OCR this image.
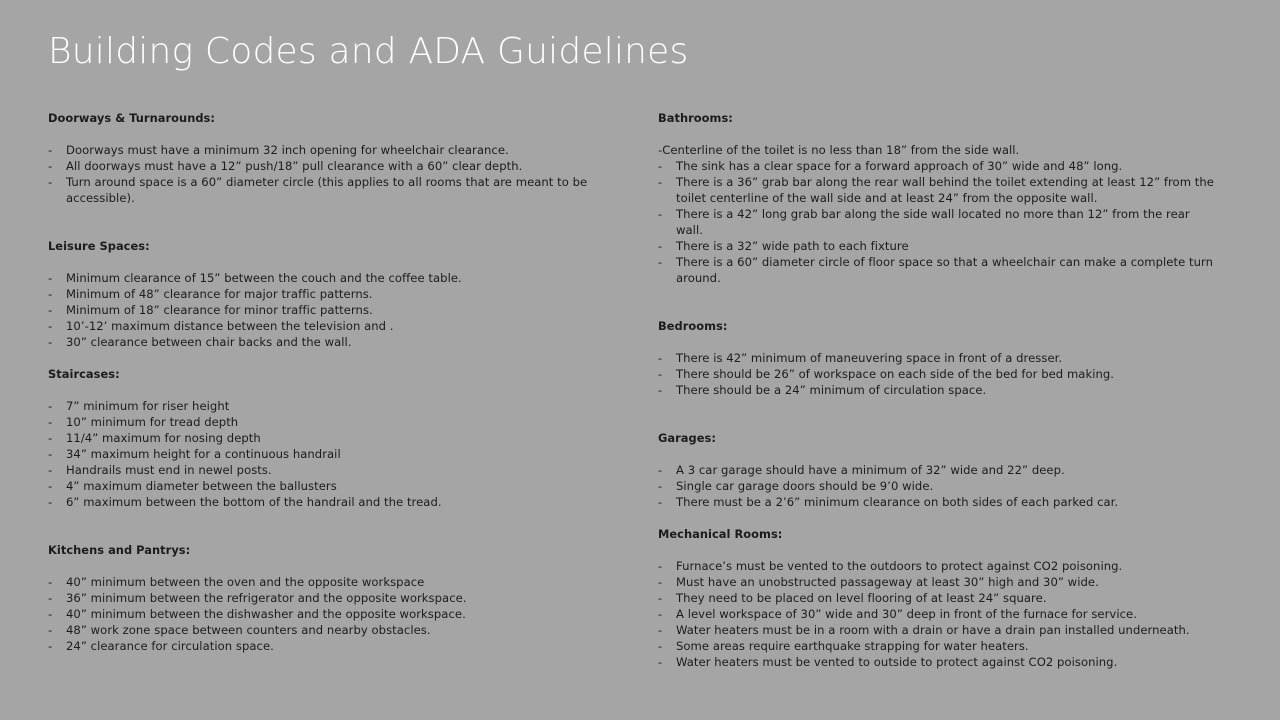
Building Codes and ADA Guidelines
Doorways & Turnarounds:
- Doorways must have a minimum 32 inch opening for wheelchair clearance.
- All doorways must have a 12” push/18” pull clearance with a 60” clear depth.
- Turn around space is a 60” diameter circle (this applies to all rooms that are meant to be accessible).
Leisure Spaces:
- Minimum clearance of 15” between the couch and the coffee table.
- Minimum of 48” clearance for major traffic patterns.
- Minimum of 18” clearance for minor traffic patterns.
- 10’-12’ maximum distance between the television and .
- 30” clearance between chair backs and the wall.
Staircases:
- 7” minimum for riser height
- 10” minimum for tread depth
- 11/4” maximum for nosing depth
- 34” maximum height for a continuous handrail
- Handrails must end in newel posts.
- 4” maximum diameter between the ballusters
- 6” maximum between the bottom of the handrail and the tread.
Kitchens and Pantrys:
- 40” minimum between the oven and the opposite workspace
- 36” minimum between the refrigerator and the opposite workspace.
- 40” minimum between the dishwasher and the opposite workspace.
- 48” work zone space between counters and nearby obstacles.
- 24” clearance for circulation space.
Bathrooms:

-Centerline of the toilet is no less than 18” from the side wall.

- The sink has a clear space for a forward approach of 30” wide and 48” long.
- There is a 36” grab bar along the rear wall behind the toilet extending at least 12” from the toilet centerline of the wall side and at least 24” from the opposite wall.
- There is a 42” long grab bar along the side wall located no more than 12” from the rear wall.
- There is a 32” wide path to each fixture
- There is a 60” diameter circle of floor space so that a wheelchair can make a complete turn around.
Bedrooms:
- There is 42” minimum of maneuvering space in front of a dresser.
- There should be 26” of workspace on each side of the bed for bed making.
- There should be a 24” minimum of circulation space.
Garages:
- A 3 car garage should have a minimum of 32” wide and 22” deep.
- Single car garage doors should be 9’0 wide.
- There must be a 2’6” minimum clearance on both sides of each parked car.
Mechanical Rooms:
- Furnace’s must be vented to the outdoors to protect against CO2 poisoning.
- Must have an unobstructed passageway at least 30” high and 30” wide.
- They need to be placed on level flooring of at least 24” square.
- A level workspace of 30” wide and 30” deep in front of the furnace for service.
- Water heaters must be in a room with a drain or have a drain pan installed underneath.
- Some areas require earthquake strapping for water heaters.
- Water heaters must be vented to outside to protect against CO2 poisoning.
